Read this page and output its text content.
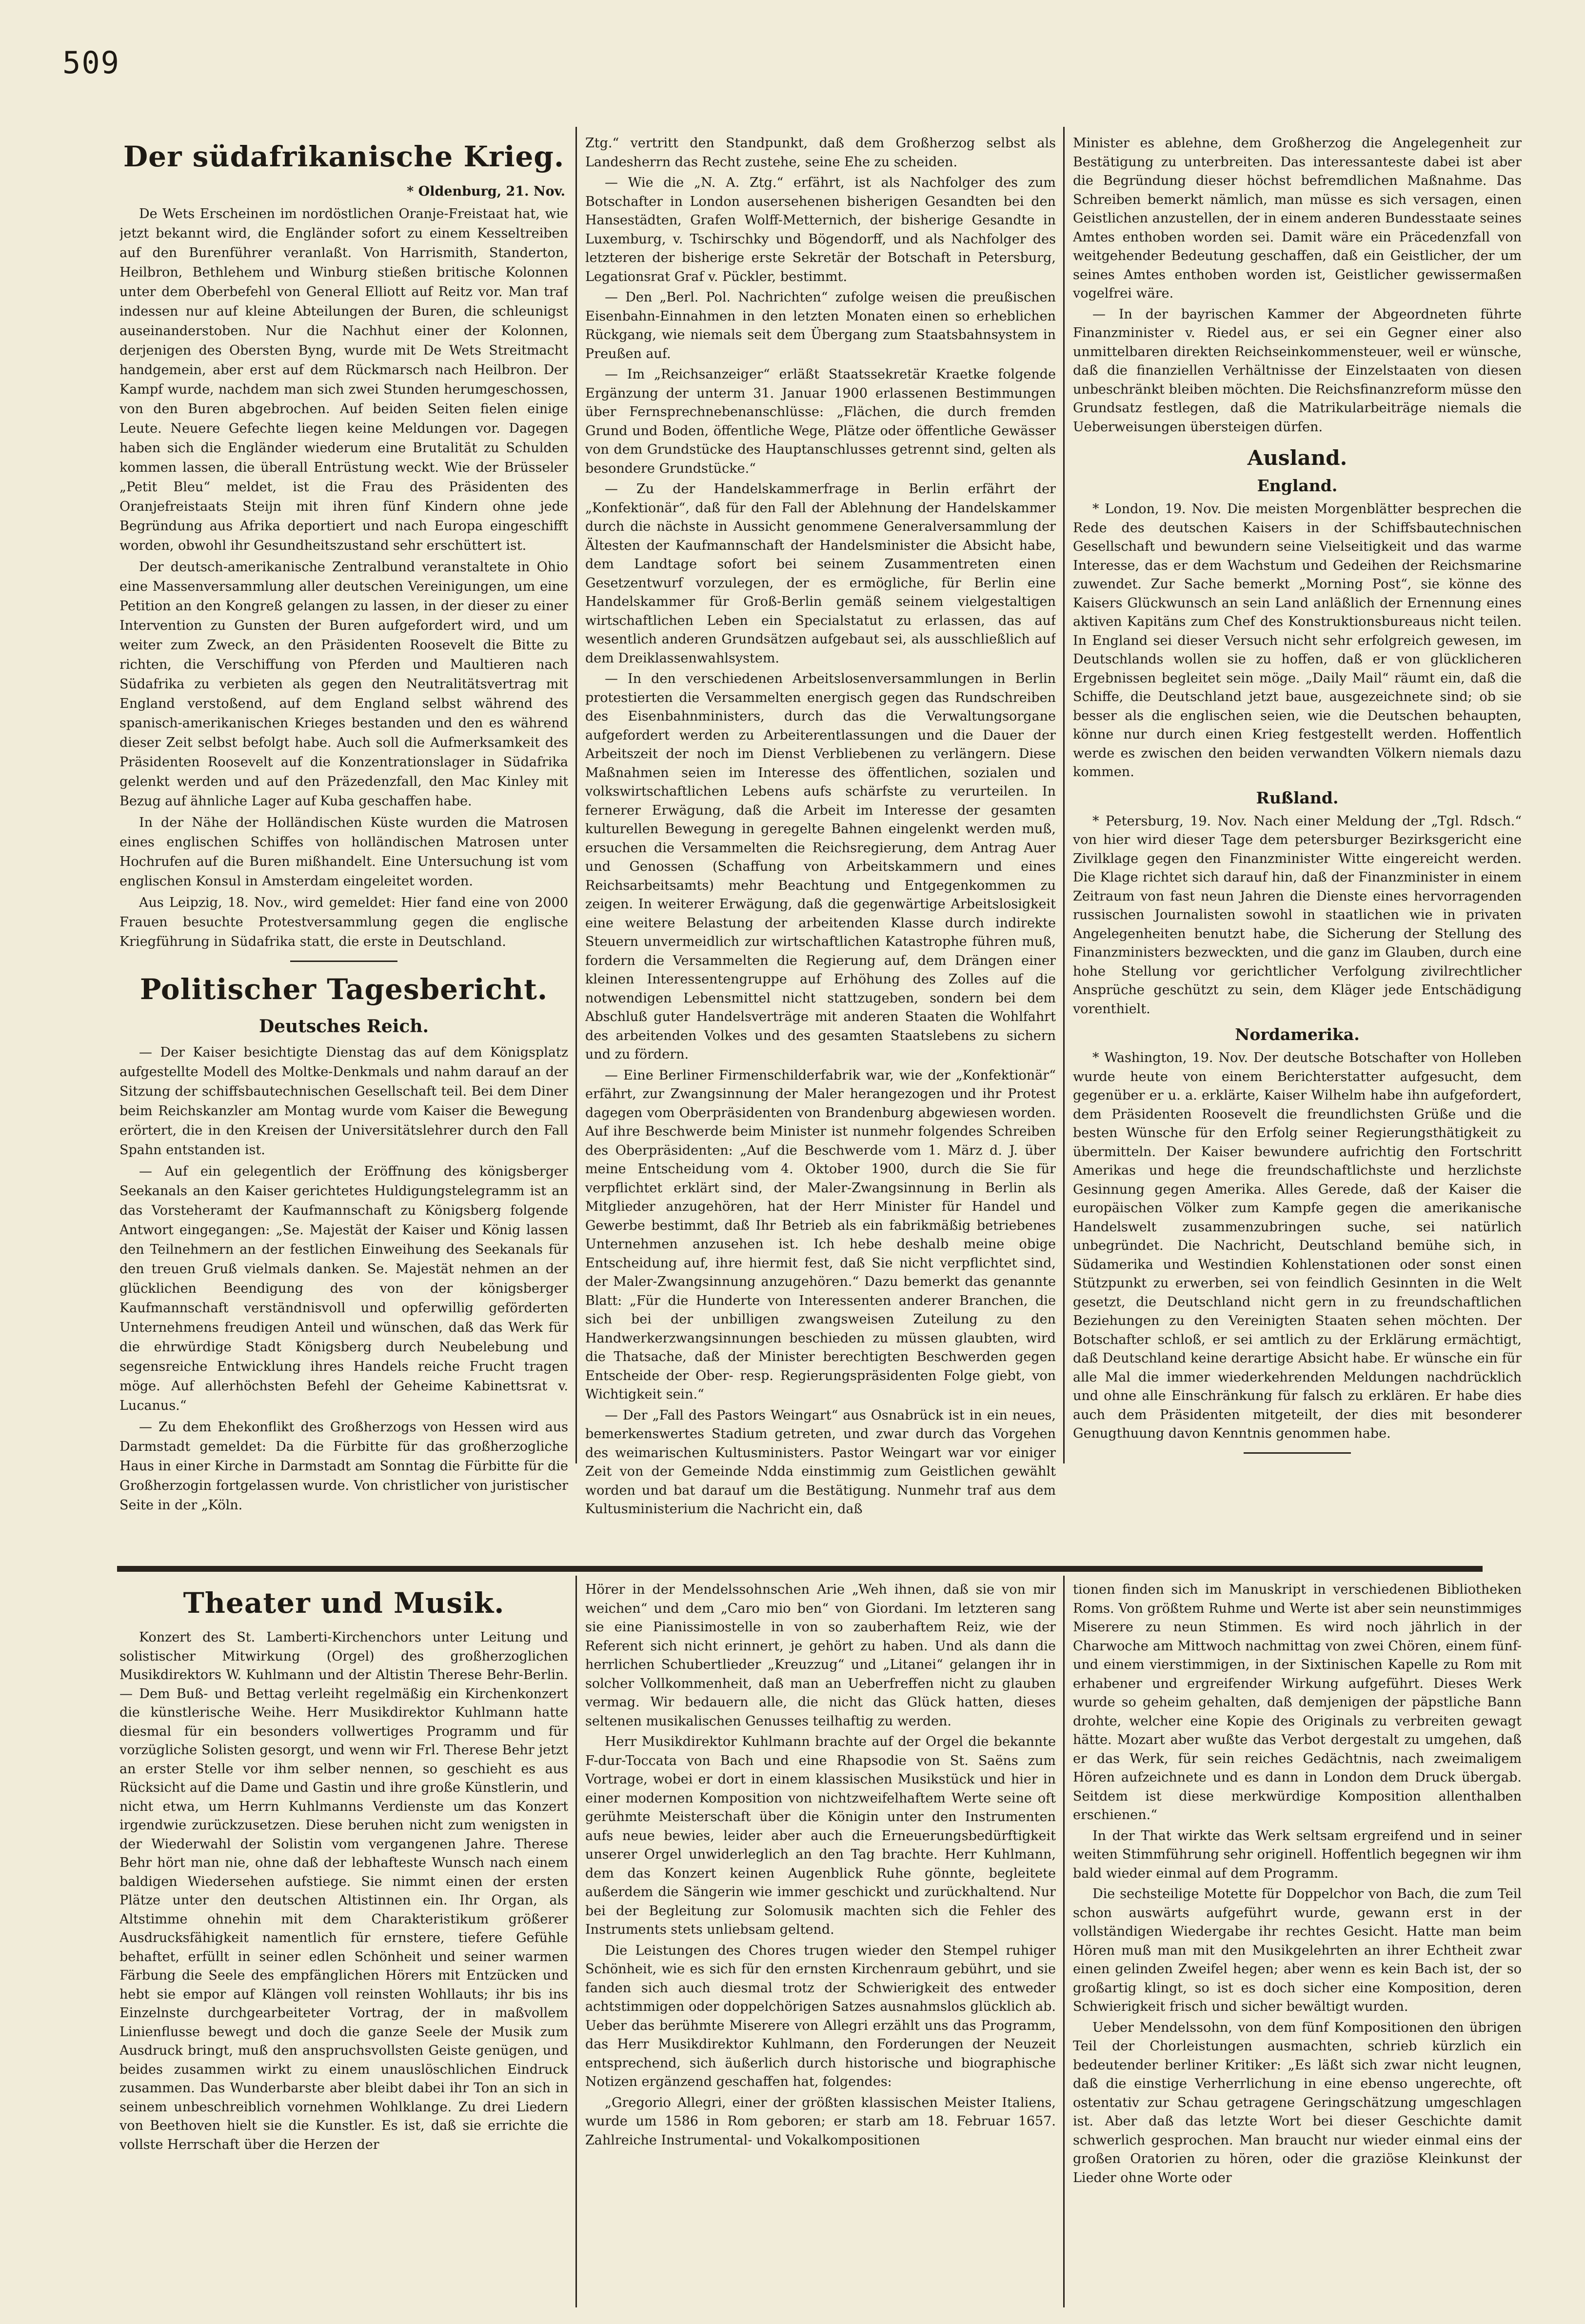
509
Der südafrikanische Krieg.
* Oldenburg, 21. Nov.

De Wets Erscheinen im nordöstlichen Oranje-Freistaat hat, wie jetzt bekannt wird, die Engländer sofort zu einem Kesseltreiben auf den Burenführer veranlaßt. Von Harrismith, Standerton, Heilbron, Bethlehem und Winburg stießen britische Kolonnen unter dem Oberbefehl von General Elliott auf Reitz vor. Man traf indessen nur auf kleine Abteilungen der Buren, die schleunigst auseinanderstoben. Nur die Nachhut einer der Kolonnen, derjenigen des Obersten Byng, wurde mit De Wets Streitmacht handgemein, aber erst auf dem Rückmarsch nach Heilbron. Der Kampf wurde, nachdem man sich zwei Stunden herumgeschossen, von den Buren abgebrochen. Auf beiden Seiten fielen einige Leute. Neuere Gefechte liegen keine Meldungen vor. Dagegen haben sich die Engländer wiederum eine Brutalität zu Schulden kommen lassen, die überall Entrüstung weckt. Wie der Brüsseler „Petit Bleu“ meldet, ist die Frau des Präsidenten des Oranjefreistaats Steijn mit ihren fünf Kindern ohne jede Begründung aus Afrika deportiert und nach Europa eingeschifft worden, obwohl ihr Gesundheitszustand sehr erschüttert ist.

Der deutsch-amerikanische Zentralbund veranstaltete in Ohio eine Massenversammlung aller deutschen Vereinigungen, um eine Petition an den Kongreß gelangen zu lassen, in der dieser zu einer Intervention zu Gunsten der Buren aufgefordert wird, und um weiter zum Zweck, an den Präsidenten Roosevelt die Bitte zu richten, die Verschiffung von Pferden und Maultieren nach Südafrika zu verbieten als gegen den Neutralitätsvertrag mit England verstoßend, auf dem England selbst während des spanisch-amerikanischen Krieges bestanden und den es während dieser Zeit selbst befolgt habe. Auch soll die Aufmerksamkeit des Präsidenten Roosevelt auf die Konzentrationslager in Südafrika gelenkt werden und auf den Präzedenzfall, den Mac Kinley mit Bezug auf ähnliche Lager auf Kuba geschaffen habe.

In der Nähe der Holländischen Küste wurden die Matrosen eines englischen Schiffes von holländischen Matrosen unter Hochrufen auf die Buren mißhandelt. Eine Untersuchung ist vom englischen Konsul in Amsterdam eingeleitet worden.

Aus Leipzig, 18. Nov., wird gemeldet: Hier fand eine von 2000 Frauen besuchte Protestversammlung gegen die englische Kriegführung in Südafrika statt, die erste in Deutschland.

Politischer Tagesbericht.
Deutsches Reich.

— Der Kaiser besichtigte Dienstag das auf dem Königsplatz aufgestellte Modell des Moltke-Denkmals und nahm darauf an der Sitzung der schiffsbautechnischen Gesellschaft teil. Bei dem Diner beim Reichskanzler am Montag wurde vom Kaiser die Bewegung erörtert, die in den Kreisen der Universitätslehrer durch den Fall Spahn entstanden ist.

— Auf ein gelegentlich der Eröffnung des königsberger Seekanals an den Kaiser gerichtetes Huldigungstelegramm ist an das Vorsteheramt der Kaufmannschaft zu Königsberg folgende Antwort eingegangen: „Se. Majestät der Kaiser und König lassen den Teilnehmern an der festlichen Einweihung des Seekanals für den treuen Gruß vielmals danken. Se. Majestät nehmen an der glücklichen Beendigung des von der königsberger Kaufmannschaft verständnisvoll und opferwillig geförderten Unternehmens freudigen Anteil und wünschen, daß das Werk für die ehrwürdige Stadt Königsberg durch Neubelebung und segensreiche Entwicklung ihres Handels reiche Frucht tragen möge. Auf allerhöchsten Befehl der Geheime Kabinettsrat v. Lucanus.“

— Zu dem Ehekonflikt des Großherzogs von Hessen wird aus Darmstadt gemeldet: Da die Fürbitte für das großherzogliche Haus in einer Kirche in Darmstadt am Sonntag die Fürbitte für die Großherzogin fortgelassen wurde. Von christlicher von juristischer Seite in der „Köln.

Ztg.“ vertritt den Standpunkt, daß dem Großherzog selbst als Landesherrn das Recht zustehe, seine Ehe zu scheiden.

— Wie die „N. A. Ztg.“ erfährt, ist als Nachfolger des zum Botschafter in London ausersehenen bisherigen Gesandten bei den Hansestädten, Grafen Wolff-Metternich, der bisherige Gesandte in Luxemburg, v. Tschirschky und Bögendorff, und als Nachfolger des letzteren der bisherige erste Sekretär der Botschaft in Petersburg, Legationsrat Graf v. Pückler, bestimmt.

— Den „Berl. Pol. Nachrichten“ zufolge weisen die preußischen Eisenbahn-Einnahmen in den letzten Monaten einen so erheblichen Rückgang, wie niemals seit dem Übergang zum Staatsbahnsystem in Preußen auf.

— Im „Reichsanzeiger“ erläßt Staatssekretär Kraetke folgende Ergänzung der unterm 31. Januar 1900 erlassenen Bestimmungen über Fernsprechnebenanschlüsse: „Flächen, die durch fremden Grund und Boden, öffentliche Wege, Plätze oder öffentliche Gewässer von dem Grundstücke des Hauptanschlusses getrennt sind, gelten als besondere Grundstücke.“

— Zu der Handelskammerfrage in Berlin erfährt der „Konfektionär“, daß für den Fall der Ablehnung der Handelskammer durch die nächste in Aussicht genommene Generalversammlung der Ältesten der Kaufmannschaft der Handelsminister die Absicht habe, dem Landtage sofort bei seinem Zusammentreten einen Gesetzentwurf vorzulegen, der es ermögliche, für Berlin eine Handelskammer für Groß-Berlin gemäß seinem vielgestaltigen wirtschaftlichen Leben ein Specialstatut zu erlassen, das auf wesentlich anderen Grundsätzen aufgebaut sei, als ausschließlich auf dem Dreiklassenwahlsystem.

— In den verschiedenen Arbeitslosenversammlungen in Berlin protestierten die Versammelten energisch gegen das Rundschreiben des Eisenbahnministers, durch das die Verwaltungsorgane aufgefordert werden zu Arbeiterentlassungen und die Dauer der Arbeitszeit der noch im Dienst Verbliebenen zu verlängern. Diese Maßnahmen seien im Interesse des öffentlichen, sozialen und volkswirtschaftlichen Lebens aufs schärfste zu verurteilen. In fernerer Erwägung, daß die Arbeit im Interesse der gesamten kulturellen Bewegung in geregelte Bahnen eingelenkt werden muß, ersuchen die Versammelten die Reichsregierung, dem Antrag Auer und Genossen (Schaffung von Arbeitskammern und eines Reichsarbeitsamts) mehr Beachtung und Entgegenkommen zu zeigen. In weiterer Erwägung, daß die gegenwärtige Arbeitslosigkeit eine weitere Belastung der arbeitenden Klasse durch indirekte Steuern unvermeidlich zur wirtschaftlichen Katastrophe führen muß, fordern die Versammelten die Regierung auf, dem Drängen einer kleinen Interessentengruppe auf Erhöhung des Zolles auf die notwendigen Lebensmittel nicht stattzugeben, sondern bei dem Abschluß guter Handelsverträge mit anderen Staaten die Wohlfahrt des arbeitenden Volkes und des gesamten Staatslebens zu sichern und zu fördern.

— Eine Berliner Firmenschilderfabrik war, wie der „Konfektionär“ erfährt, zur Zwangsinnung der Maler herangezogen und ihr Protest dagegen vom Oberpräsidenten von Brandenburg abgewiesen worden. Auf ihre Beschwerde beim Minister ist nunmehr folgendes Schreiben des Oberpräsidenten: „Auf die Beschwerde vom 1. März d. J. über meine Entscheidung vom 4. Oktober 1900, durch die Sie für verpflichtet erklärt sind, der Maler-Zwangsinnung in Berlin als Mitglieder anzugehören, hat der Herr Minister für Handel und Gewerbe bestimmt, daß Ihr Betrieb als ein fabrikmäßig betriebenes Unternehmen anzusehen ist. Ich hebe deshalb meine obige Entscheidung auf, ihre hiermit fest, daß Sie nicht verpflichtet sind, der Maler-Zwangsinnung anzugehören.“ Dazu bemerkt das genannte Blatt: „Für die Hunderte von Interessenten anderer Branchen, die sich bei der unbilligen zwangsweisen Zuteilung zu den Handwerkerzwangsinnungen beschieden zu müssen glaubten, wird die Thatsache, daß der Minister berechtigten Beschwerden gegen Entscheide der Ober- resp. Regierungspräsidenten Folge giebt, von Wichtigkeit sein.“

— Der „Fall des Pastors Weingart“ aus Osnabrück ist in ein neues, bemerkenswertes Stadium getreten, und zwar durch das Vorgehen des weimarischen Kultusministers. Pastor Weingart war vor einiger Zeit von der Gemeinde Ndda einstimmig zum Geistlichen gewählt worden und bat darauf um die Bestätigung. Nunmehr traf aus dem Kultusministerium die Nachricht ein, daß

Minister es ablehne, dem Großherzog die Angelegenheit zur Bestätigung zu unterbreiten. Das interessanteste dabei ist aber die Begründung dieser höchst befremdlichen Maßnahme. Das Schreiben bemerkt nämlich, man müsse es sich versagen, einen Geistlichen anzustellen, der in einem anderen Bundesstaate seines Amtes enthoben worden sei. Damit wäre ein Präcedenzfall von weitgehender Bedeutung geschaffen, daß ein Geistlicher, der um seines Amtes enthoben worden ist, Geistlicher gewissermaßen vogelfrei wäre.

— In der bayrischen Kammer der Abgeordneten führte Finanzminister v. Riedel aus, er sei ein Gegner einer also unmittelbaren direkten Reichseinkommensteuer, weil er wünsche, daß die finanziellen Verhältnisse der Einzelstaaten von diesen unbeschränkt bleiben möchten. Die Reichsfinanzreform müsse den Grundsatz festlegen, daß die Matrikularbeiträge niemals die Ueberweisungen übersteigen dürfen.

Ausland.
England.

* London, 19. Nov. Die meisten Morgenblätter besprechen die Rede des deutschen Kaisers in der Schiffsbautechnischen Gesellschaft und bewundern seine Vielseitigkeit und das warme Interesse, das er dem Wachstum und Gedeihen der Reichsmarine zuwendet. Zur Sache bemerkt „Morning Post“, sie könne des Kaisers Glückwunsch an sein Land anläßlich der Ernennung eines aktiven Kapitäns zum Chef des Konstruktionsbureaus nicht teilen. In England sei dieser Versuch nicht sehr erfolgreich gewesen, im Deutschlands wollen sie zu hoffen, daß er von glücklicheren Ergebnissen begleitet sein möge. „Daily Mail“ räumt ein, daß die Schiffe, die Deutschland jetzt baue, ausgezeichnete sind; ob sie besser als die englischen seien, wie die Deutschen behaupten, könne nur durch einen Krieg festgestellt werden. Hoffentlich werde es zwischen den beiden verwandten Völkern niemals dazu kommen.

Rußland.

* Petersburg, 19. Nov. Nach einer Meldung der „Tgl. Rdsch.“ von hier wird dieser Tage dem petersburger Bezirksgericht eine Zivilklage gegen den Finanzminister Witte eingereicht werden. Die Klage richtet sich darauf hin, daß der Finanzminister in einem Zeitraum von fast neun Jahren die Dienste eines hervorragenden russischen Journalisten sowohl in staatlichen wie in privaten Angelegenheiten benutzt habe, die Sicherung der Stellung des Finanzministers bezweckten, und die ganz im Glauben, durch eine hohe Stellung vor gerichtlicher Verfolgung zivilrechtlicher Ansprüche geschützt zu sein, dem Kläger jede Entschädigung vorenthielt.

Nordamerika.

* Washington, 19. Nov. Der deutsche Botschafter von Holleben wurde heute von einem Berichterstatter aufgesucht, dem gegenüber er u. a. erklärte, Kaiser Wilhelm habe ihn aufgefordert, dem Präsidenten Roosevelt die freundlichsten Grüße und die besten Wünsche für den Erfolg seiner Regierungsthätigkeit zu übermitteln. Der Kaiser bewundere aufrichtig den Fortschritt Amerikas und hege die freundschaftlichste und herzlichste Gesinnung gegen Amerika. Alles Gerede, daß der Kaiser die europäischen Völker zum Kampfe gegen die amerikanische Handelswelt zusammenzubringen suche, sei natürlich unbegründet. Die Nachricht, Deutschland bemühe sich, in Südamerika und Westindien Kohlenstationen oder sonst einen Stützpunkt zu erwerben, sei von feindlich Gesinnten in die Welt gesetzt, die Deutschland nicht gern in zu freundschaftlichen Beziehungen zu den Vereinigten Staaten sehen möchten. Der Botschafter schloß, er sei amtlich zu der Erklärung ermächtigt, daß Deutschland keine derartige Absicht habe. Er wünsche ein für alle Mal die immer wiederkehrenden Meldungen nachdrücklich und ohne alle Einschränkung für falsch zu erklären. Er habe dies auch dem Präsidenten mitgeteilt, der dies mit besonderer Genugthuung davon Kenntnis genommen habe.

Theater und Musik.

Konzert des St. Lamberti-Kirchenchors unter Leitung und solistischer Mitwirkung (Orgel) des großherzoglichen Musikdirektors W. Kuhlmann und der Altistin Therese Behr-Berlin. — Dem Buß- und Bettag verleiht regelmäßig ein Kirchenkonzert die künstlerische Weihe. Herr Musikdirektor Kuhlmann hatte diesmal für ein besonders vollwertiges Programm und für vorzügliche Solisten gesorgt, und wenn wir Frl. Therese Behr jetzt an erster Stelle vor ihm selber nennen, so geschieht es aus Rücksicht auf die Dame und Gastin und ihre große Künstlerin, und nicht etwa, um Herrn Kuhlmanns Verdienste um das Konzert irgendwie zurückzusetzen. Diese beruhen nicht zum wenigsten in der Wiederwahl der Solistin vom vergangenen Jahre. Therese Behr hört man nie, ohne daß der lebhafteste Wunsch nach einem baldigen Wiedersehen aufstiege. Sie nimmt einen der ersten Plätze unter den deutschen Altistinnen ein. Ihr Organ, als Altstimme ohnehin mit dem Charakteristikum größerer Ausdrucksfähigkeit namentlich für ernstere, tiefere Gefühle behaftet, erfüllt in seiner edlen Schönheit und seiner warmen Färbung die Seele des empfänglichen Hörers mit Entzücken und hebt sie empor auf Klängen voll reinsten Wohllauts; ihr bis ins Einzelnste durchgearbeiteter Vortrag, der in maßvollem Linienflusse bewegt und doch die ganze Seele der Musik zum Ausdruck bringt, muß den anspruchsvollsten Geiste genügen, und beides zusammen wirkt zu einem unauslöschlichen Eindruck zusammen. Das Wunderbarste aber bleibt dabei ihr Ton an sich in seinem unbeschreiblich vornehmen Wohlklange. Zu drei Liedern von Beethoven hielt sie die Kunstler. Es ist, daß sie errichte die vollste Herrschaft über die Herzen der

Hörer in der Mendelssohnschen Arie „Weh ihnen, daß sie von mir weichen“ und dem „Caro mio ben“ von Giordani. Im letzteren sang sie eine Pianissimostelle in von so zauberhaftem Reiz, wie der Referent sich nicht erinnert, je gehört zu haben. Und als dann die herrlichen Schubertlieder „Kreuzzug“ und „Litanei“ gelangen ihr in solcher Vollkommenheit, daß man an Ueberfreffen nicht zu glauben vermag. Wir bedauern alle, die nicht das Glück hatten, dieses seltenen musikalischen Genusses teilhaftig zu werden.

Herr Musikdirektor Kuhlmann brachte auf der Orgel die bekannte F-dur-Toccata von Bach und eine Rhapsodie von St. Saëns zum Vortrage, wobei er dort in einem klassischen Musikstück und hier in einer modernen Komposition von nichtzweifelhaftem Werte seine oft gerühmte Meisterschaft über die Königin unter den Instrumenten aufs neue bewies, leider aber auch die Erneuerungsbedürftigkeit unserer Orgel unwiderleglich an den Tag brachte. Herr Kuhlmann, dem das Konzert keinen Augenblick Ruhe gönnte, begleitete außerdem die Sängerin wie immer geschickt und zurückhaltend. Nur bei der Begleitung zur Solomusik machten sich die Fehler des Instruments stets unliebsam geltend.

Die Leistungen des Chores trugen wieder den Stempel ruhiger Schönheit, wie es sich für den ernsten Kirchenraum gebührt, und sie fanden sich auch diesmal trotz der Schwierigkeit des entweder achtstimmigen oder doppelchörigen Satzes ausnahmslos glücklich ab. Ueber das berühmte Miserere von Allegri erzählt uns das Programm, das Herr Musikdirektor Kuhlmann, den Forderungen der Neuzeit entsprechend, sich äußerlich durch historische und biographische Notizen ergänzend geschaffen hat, folgendes:

„Gregorio Allegri, einer der größten klassischen Meister Italiens, wurde um 1586 in Rom geboren; er starb am 18. Februar 1657. Zahlreiche Instrumental- und Vokalkompositionen

tionen finden sich im Manuskript in verschiedenen Bibliotheken Roms. Von größtem Ruhme und Werte ist aber sein neunstimmiges Miserere zu neun Stimmen. Es wird noch jährlich in der Charwoche am Mittwoch nachmittag von zwei Chören, einem fünf- und einem vierstimmigen, in der Sixtinischen Kapelle zu Rom mit erhabener und ergreifender Wirkung aufgeführt. Dieses Werk wurde so geheim gehalten, daß demjenigen der päpstliche Bann drohte, welcher eine Kopie des Originals zu verbreiten gewagt hätte. Mozart aber wußte das Verbot dergestalt zu umgehen, daß er das Werk, für sein reiches Gedächtnis, nach zweimaligem Hören aufzeichnete und es dann in London dem Druck übergab. Seitdem ist diese merkwürdige Komposition allenthalben erschienen.“

In der That wirkte das Werk seltsam ergreifend und in seiner weiten Stimmführung sehr originell. Hoffentlich begegnen wir ihm bald wieder einmal auf dem Programm.

Die sechsteilige Motette für Doppelchor von Bach, die zum Teil schon auswärts aufgeführt wurde, gewann erst in der vollständigen Wiedergabe ihr rechtes Gesicht. Hatte man beim Hören muß man mit den Musikgelehrten an ihrer Echtheit zwar einen gelinden Zweifel hegen; aber wenn es kein Bach ist, der so großartig klingt, so ist es doch sicher eine Komposition, deren Schwierigkeit frisch und sicher bewältigt wurden.

Ueber Mendelssohn, von dem fünf Kompositionen den übrigen Teil der Chorleistungen ausmachten, schrieb kürzlich ein bedeutender berliner Kritiker: „Es läßt sich zwar nicht leugnen, daß die einstige Verherrlichung in eine ebenso ungerechte, oft ostentativ zur Schau getragene Geringschätzung umgeschlagen ist. Aber daß das letzte Wort bei dieser Geschichte damit schwerlich gesprochen. Man braucht nur wieder einmal eins der großen Oratorien zu hören, oder die graziöse Kleinkunst der Lieder ohne Worte oder
